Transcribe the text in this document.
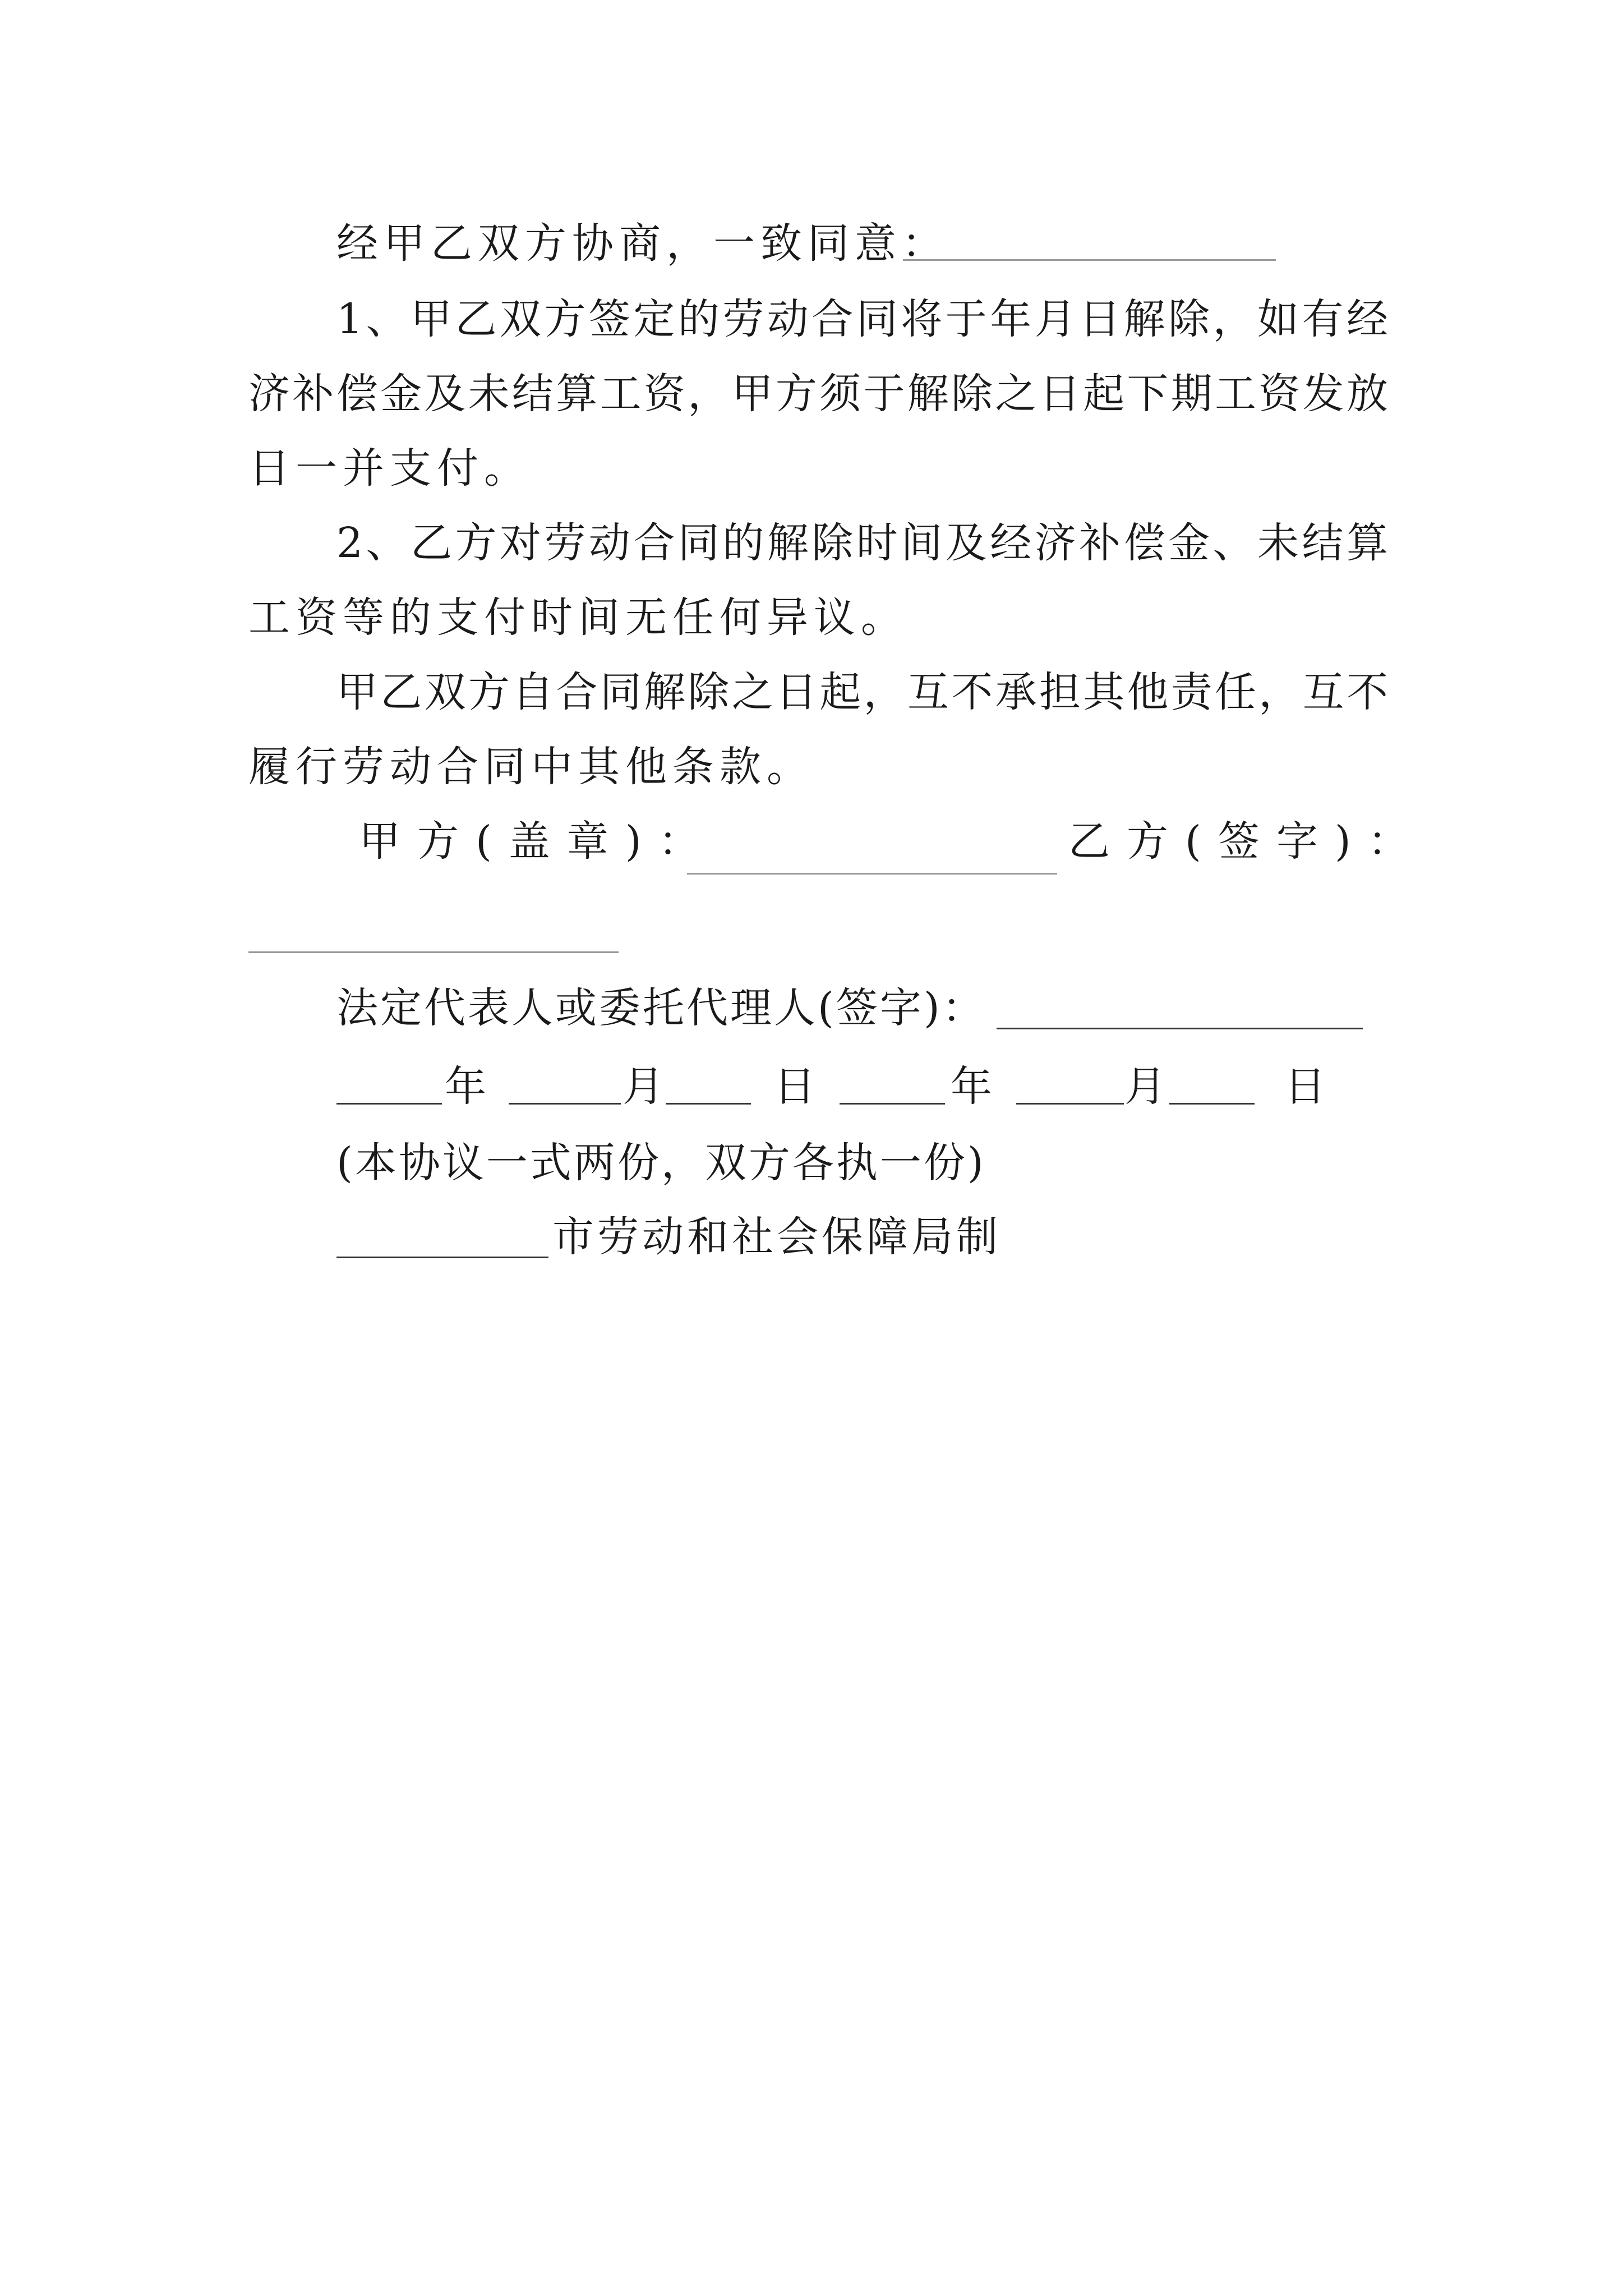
经甲乙双方协商，一致同意：
1、甲乙双方签定的劳动合同将于年月日解除，如有经
济补偿金及未结算工资，甲方须于解除之日起下期工资发放
日一并支付。
2、乙方对劳动合同的解除时间及经济补偿金、未结算
工资等的支付时间无任何异议。
甲乙双方自合同解除之日起，互不承担其他责任，互不
履行劳动合同中其他条款。
甲方(盖章)：	乙方(签字)：
法定代表人或委托代理人(签字)：
年	月	日	年	月	日
(本协议一式两份，双方各执一份)
市劳动和社会保障局制
